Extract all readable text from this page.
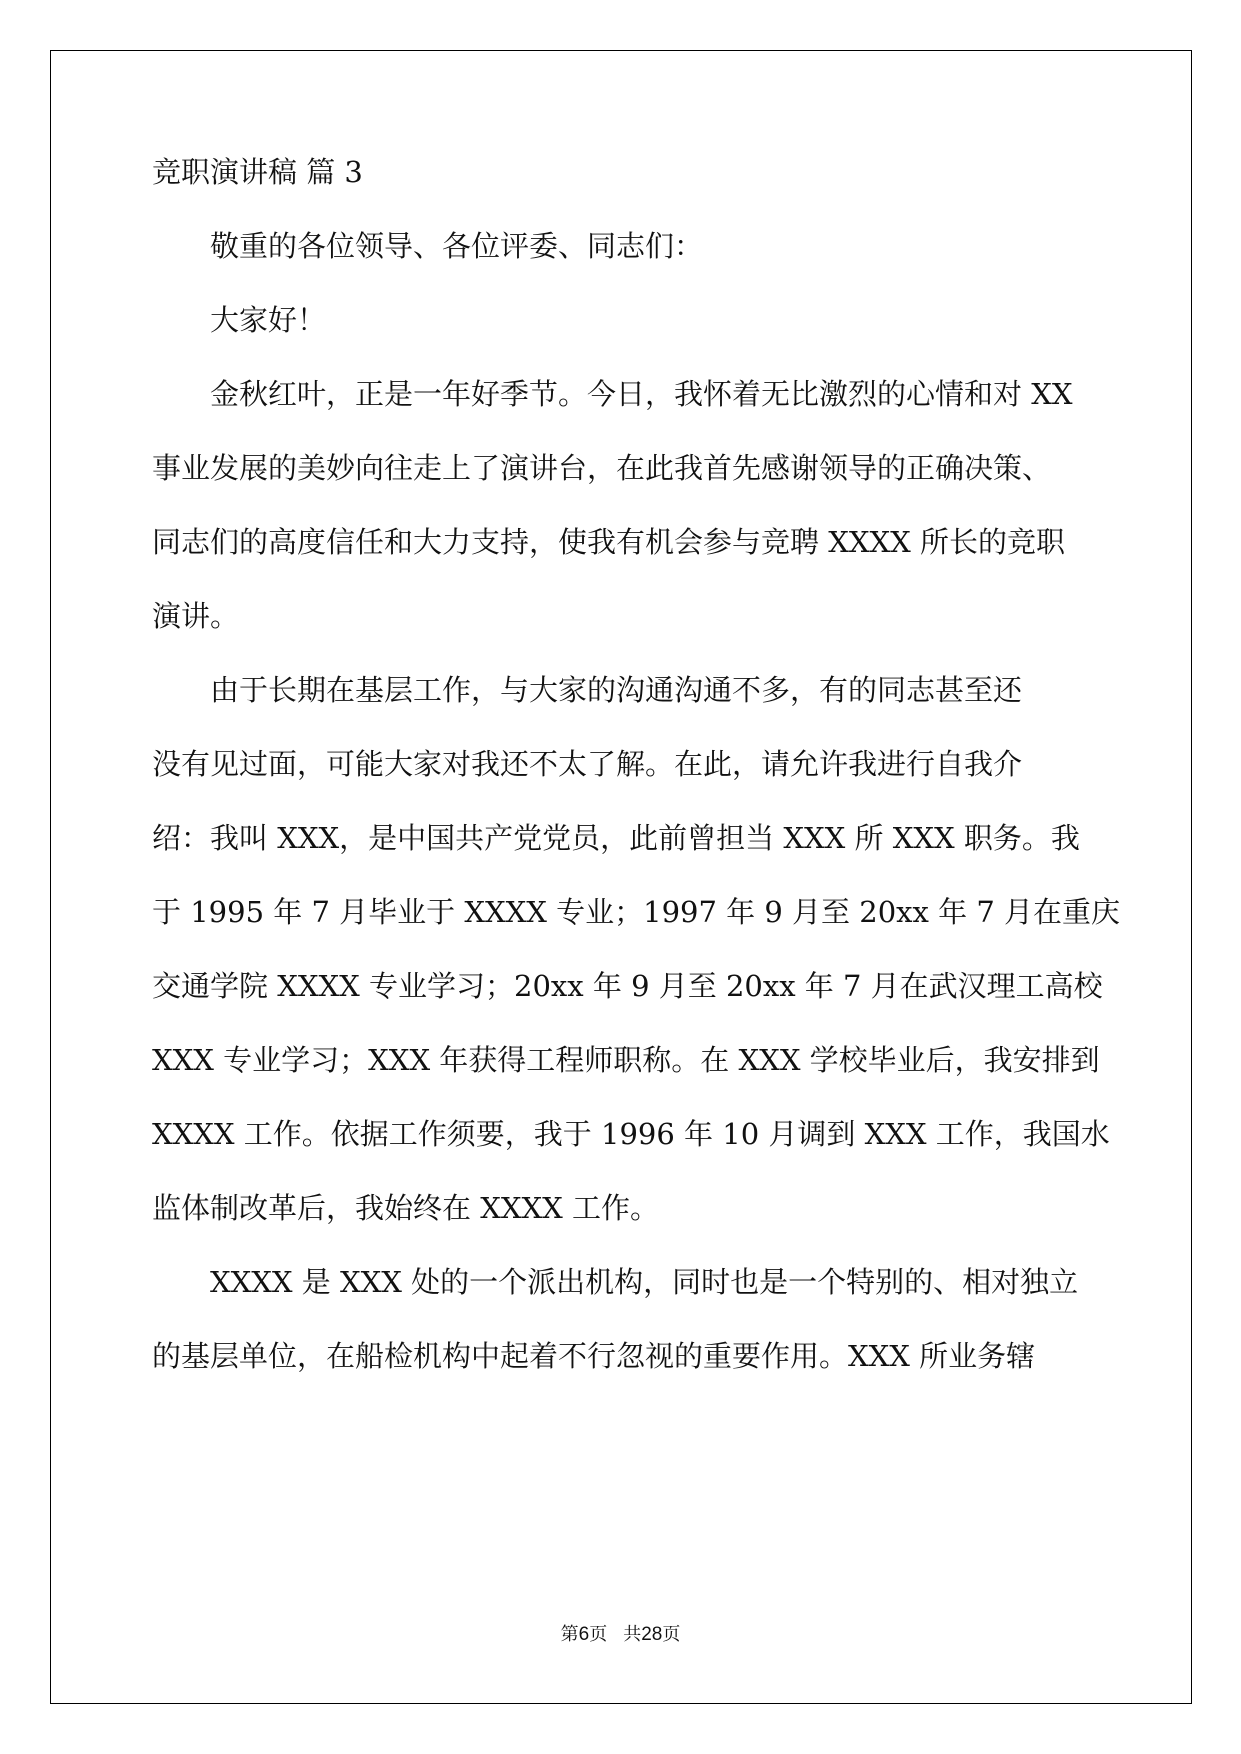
竞职演讲稿 篇 3

敬重的各位领导、各位评委、同志们：

大家好！

金秋红叶，正是一年好季节。今日，我怀着无比激烈的心情和对 XX

事业发展的美妙向往走上了演讲台，在此我首先感谢领导的正确决策、

同志们的高度信任和大力支持，使我有机会参与竞聘 XXXX 所长的竞职

演讲。

由于长期在基层工作，与大家的沟通沟通不多，有的同志甚至还

没有见过面，可能大家对我还不太了解。在此，请允许我进行自我介

绍：我叫 XXX，是中国共产党党员，此前曾担当 XXX 所 XXX 职务。我

于 1995 年 7 月毕业于 XXXX 专业；1997 年 9 月至 20xx 年 7 月在重庆

交通学院 XXXX 专业学习；20xx 年 9 月至 20xx 年 7 月在武汉理工高校

XXX 专业学习；XXX 年获得工程师职称。在 XXX 学校毕业后，我安排到

XXXX 工作。依据工作须要，我于 1996 年 10 月调到 XXX 工作，我国水

监体制改革后，我始终在 XXXX 工作。

XXXX 是 XXX 处的一个派出机构，同时也是一个特别的、相对独立

的基层单位，在船检机构中起着不行忽视的重要作用。XXX 所业务辖

第6页 共28页
